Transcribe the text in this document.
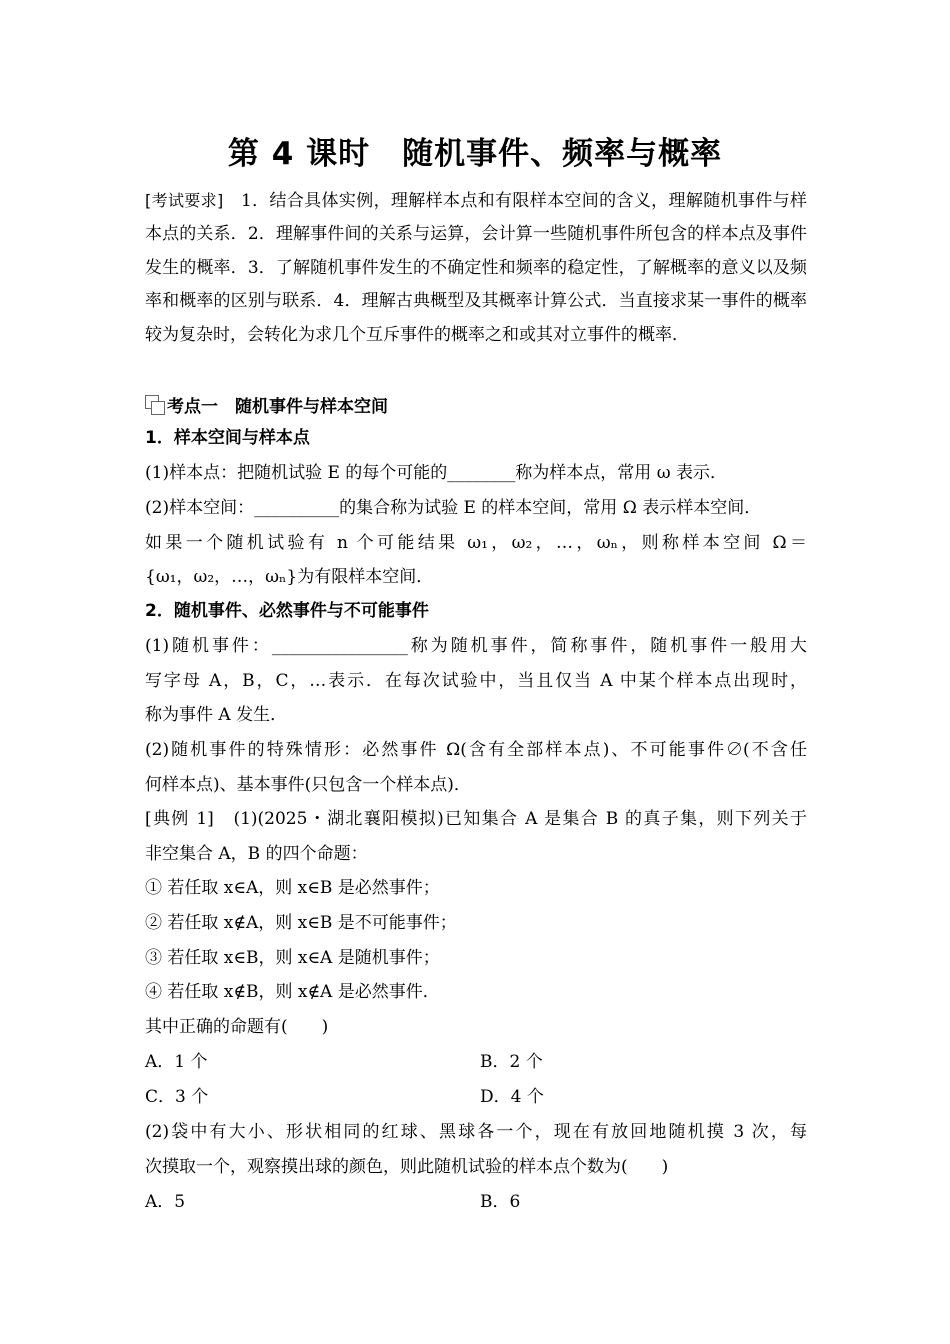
第 4 课时　随机事件、频率与概率
[考试要求]　1．结合具体实例，理解样本点和有限样本空间的含义，理解随机事件与样本点的关系．2．理解事件间的关系与运算，会计算一些随机事件所包含的样本点及事件发生的概率．3．了解随机事件发生的不确定性和频率的稳定性，了解概率的意义以及频率和概率的区别与联系．4．理解古典概型及其概率计算公式．当直接求某一事件的概率较为复杂时，会转化为求几个互斥事件的概率之和或其对立事件的概率．
考点一　随机事件与样本空间
1．样本空间与样本点
(1)样本点：把随机试验 E 的每个可能的________称为样本点，常用 ω 表示．
(2)样本空间：__________的集合称为试验 E 的样本空间，常用 Ω 表示样本空间．
如果一个随机试验有 n 个可能结果 ω₁，ω₂，…，ωₙ，则称样本空间 Ω＝
{ω₁，ω₂，…，ωₙ}为有限样本空间．
2．随机事件、必然事件与不可能事件
(1)随机事件：________________称为随机事件，简称事件，随机事件一般用大
写字母 A，B，C，…表示．在每次试验中，当且仅当 A 中某个样本点出现时，
称为事件 A 发生．
(2)随机事件的特殊情形：必然事件 Ω(含有全部样本点)、不可能事件∅(不含任
何样本点)、基本事件(只包含一个样本点)．
[典例 1]　(1)(2025・湖北襄阳模拟)已知集合 A 是集合 B 的真子集，则下列关于
非空集合 A，B 的四个命题：
① 若任取 x∈A，则 x∈B 是必然事件；
② 若任取 x∉A，则 x∈B 是不可能事件；
③ 若任取 x∈B，则 x∈A 是随机事件；
④ 若任取 x∉B，则 x∉A 是必然事件．
其中正确的命题有(　　)
A．1 个	B．2 个
C．3 个	D．4 个
(2)袋中有大小、形状相同的红球、黑球各一个，现在有放回地随机摸 3 次，每
次摸取一个，观察摸出球的颜色，则此随机试验的样本点个数为(　　)
A．5	B．6
